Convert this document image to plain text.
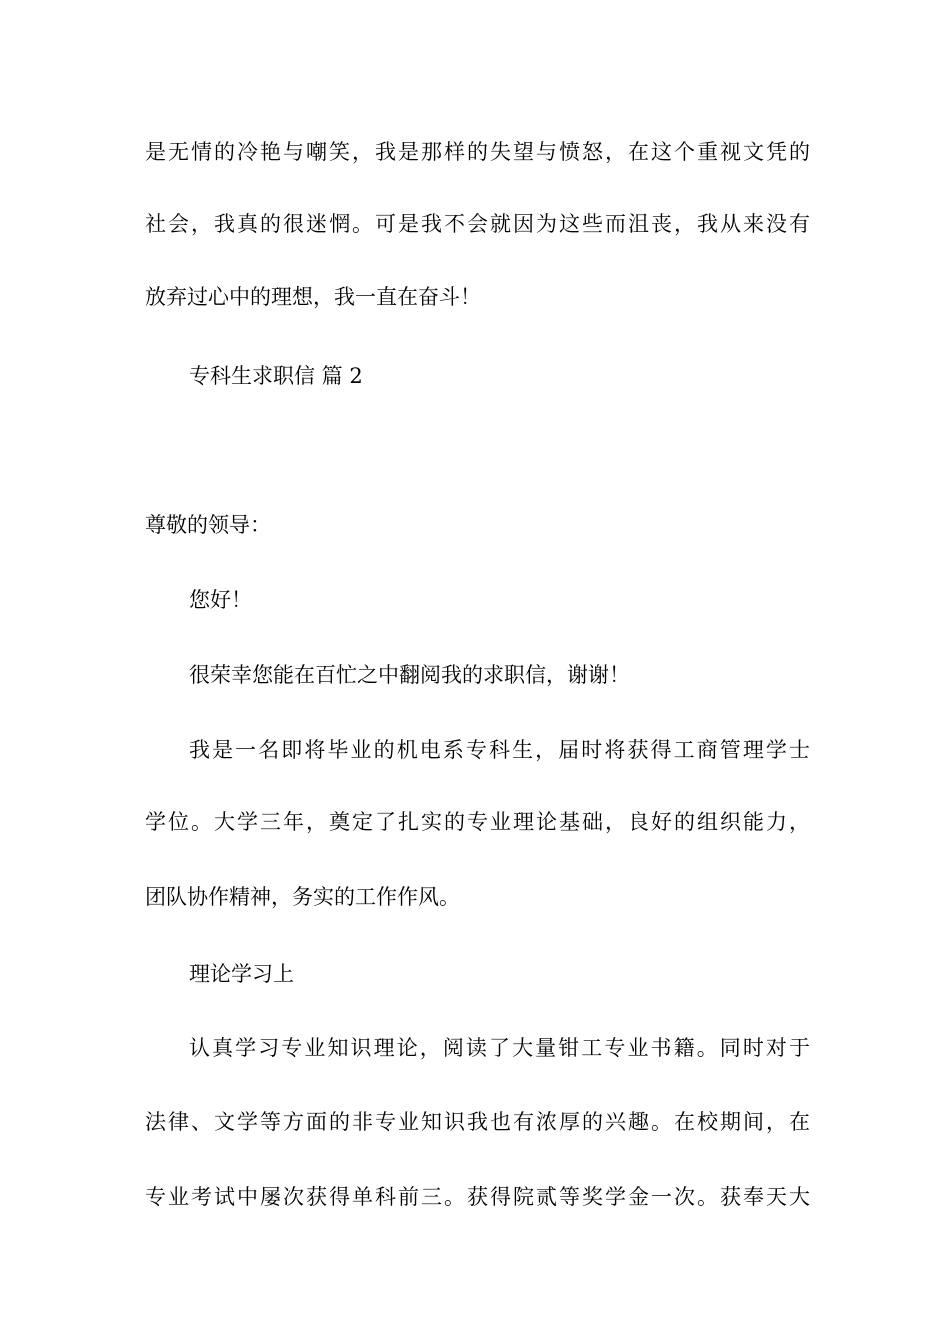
是无情的冷艳与嘲笑，我是那样的失望与愤怒，在这个重视文凭的
社会，我真的很迷惘。可是我不会就因为这些而沮丧，我从来没有
放弃过心中的理想，我一直在奋斗！
专科生求职信 篇 2
尊敬的领导：
您好！
很荣幸您能在百忙之中翻阅我的求职信，谢谢！
我是一名即将毕业的机电系专科生，届时将获得工商管理学士
学位。大学三年，奠定了扎实的专业理论基础，良好的组织能力，
团队协作精神，务实的工作作风。
理论学习上
认真学习专业知识理论，阅读了大量钳工专业书籍。同时对于
法律、文学等方面的非专业知识我也有浓厚的兴趣。在校期间，在
专业考试中屡次获得单科前三。获得院贰等奖学金一次。获奉天大
